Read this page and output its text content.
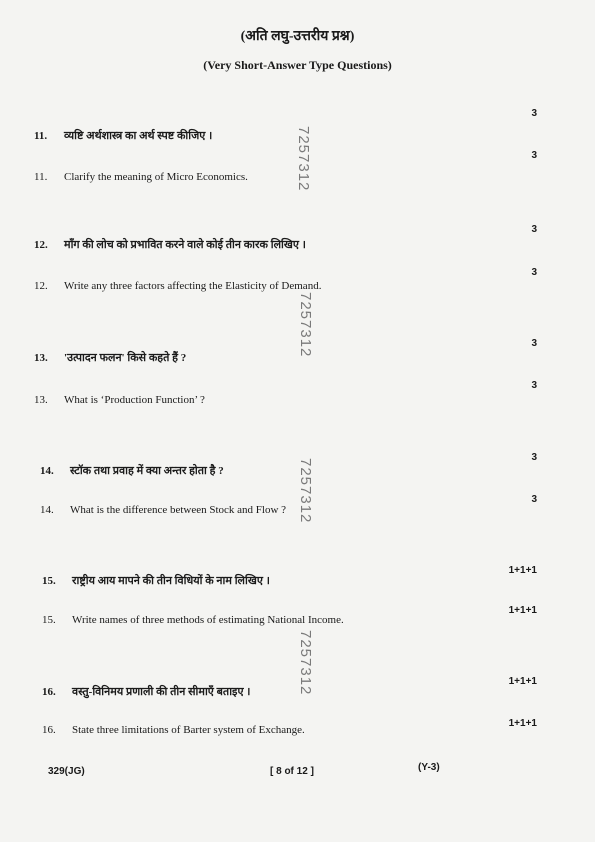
(अति लघु-उत्तरीय प्रश्न)
(Very Short-Answer Type Questions)
3
11. व्यष्टि अर्थशास्त्र का अर्थ स्पष्ट कीजिए ।
3
11. Clarify the meaning of Micro Economics.
3
12. माँग की लोच को प्रभावित करने वाले कोई तीन कारक लिखिए ।
3
12. Write any three factors affecting the Elasticity of Demand.
3
13. 'उत्पादन फलन' किसे कहते हैं ?
3
13. What is ‘Production Function’ ?
3
14. स्टॉक तथा प्रवाह में क्या अन्तर होता है ?
3
14. What is the difference between Stock and Flow ?
1+1+1
15. राष्ट्रीय आय मापने की तीन विधियों के नाम लिखिए ।
1+1+1
15. Write names of three methods of estimating National Income.
1+1+1
16. वस्तु-विनिमय प्रणाली की तीन सीमाएँ बताइए ।
1+1+1
16. State three limitations of Barter system of Exchange.
7257312
7257312
7257312
7257312
329(JG)	[ 8 of 12 ]	(Y-3)
